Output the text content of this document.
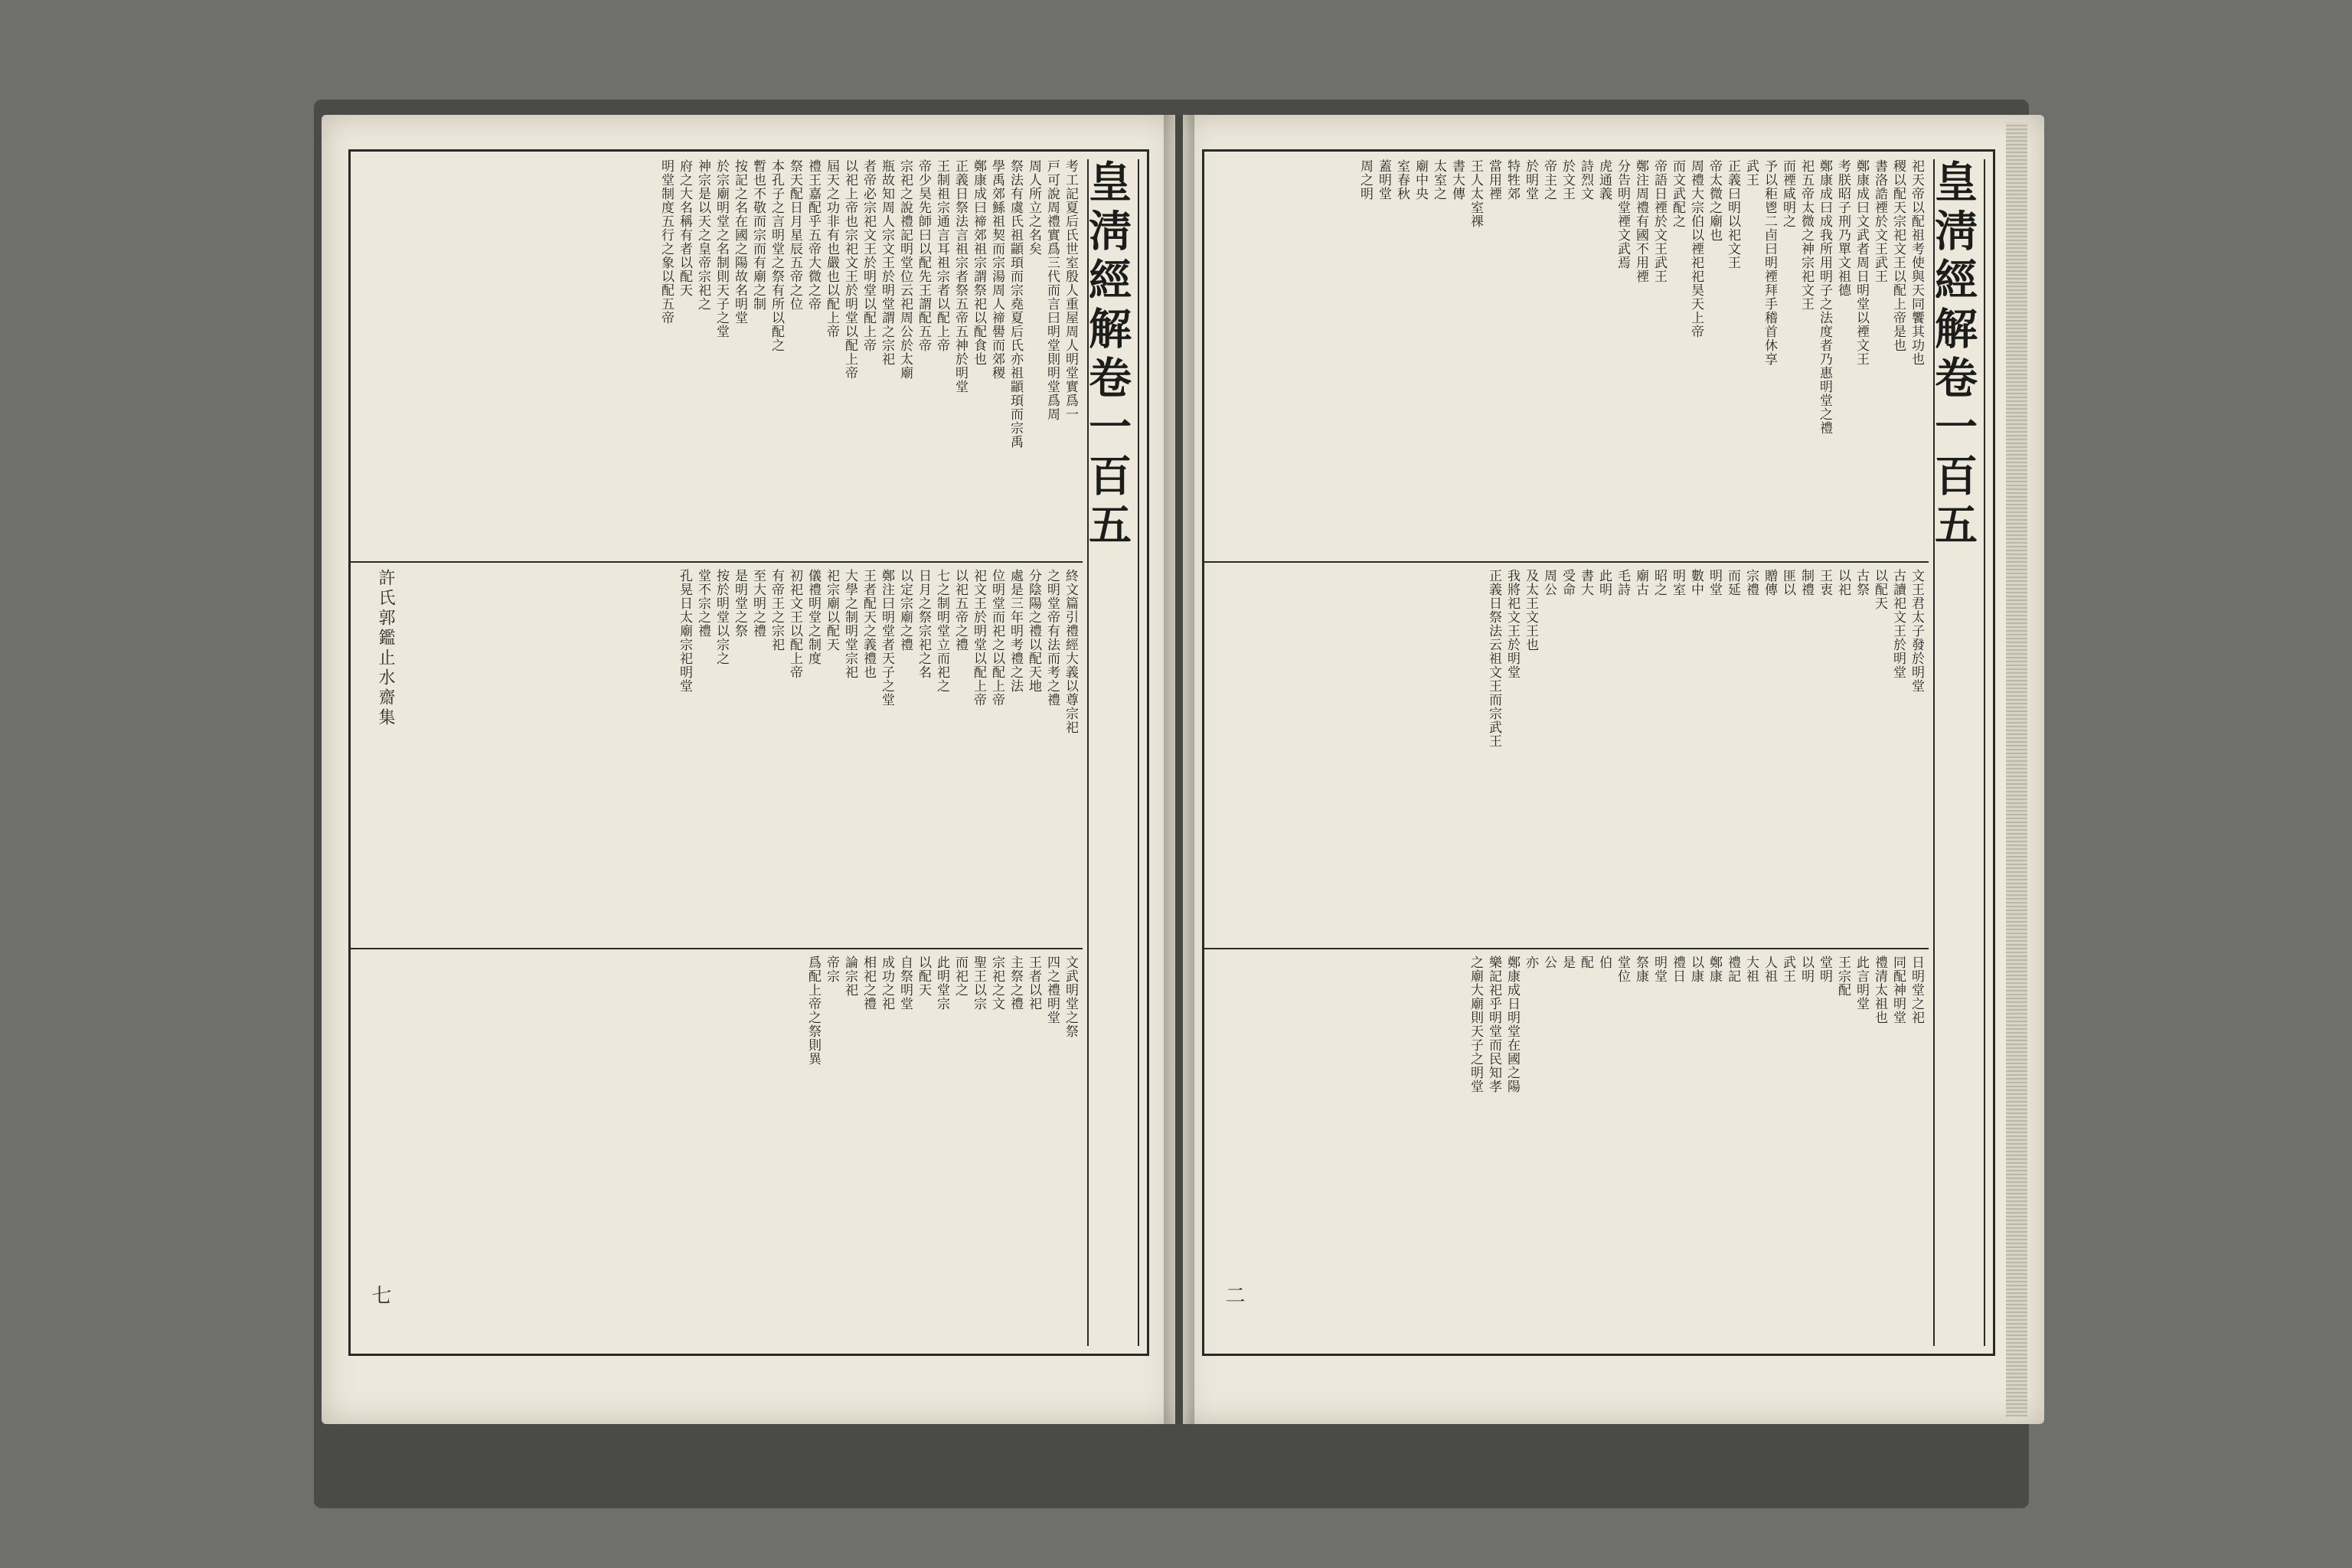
皇淸經解卷一百五
考工記夏后氏世室殷人重屋周人明堂實爲一
戸可說周禮實爲三代而言曰明堂則明堂爲周
周人所立之名矣
祭法有虞氏祖顓頊而宗堯夏后氏亦祖顓頊而宗禹
學禹郊鯀祖契而宗湯周人禘嚳而郊稷
鄭康成曰禘郊祖宗謂祭祀以配食也
正義日祭法言祖宗者祭五帝五神於明堂
王制祖宗通言耳祖宗者以配上帝
帝少昊先師曰以配先王謂配五帝
宗祀之說禮記明堂位云祀周公於太廟
瓶故知周人宗文王於明堂謂之宗祀
者帝必宗祀文王於明堂以配上帝
以祀上帝也宗祀文王於明堂以配上帝
屆天之功非有也嚴也以配上帝
禮王嘉配乎五帝大微之帝
祭天配日月星辰五帝之位
本孔子之言明堂之祭有所以配之
暫也不敬而宗而有廟之制
按記之名在國之陽故名明堂
於宗廟明堂之名制則天子之堂
神宗是以天之皇帝宗祀之
府之大名稱有者以配天
明堂制度五行之象以配五帝
終文篇引禮經大義以尊宗祀
之明堂帝有法而考之禮
分陰陽之禮以配天地
處是三年明考禮之法
位明堂而祀之以配上帝
祀文王於明堂以配上帝
以祀五帝之禮
七之制明堂立而祀之
日月之祭宗祀之名
以定宗廟之禮
鄭注曰明堂者天子之堂
王者配天之義禮也
大學之制明堂宗祀
祀宗廟以配天
儀禮明堂之制度
初祀文王以配上帝
有帝王之宗祀
至大明之禮
是明堂之祭
按於明堂以宗之
堂不宗之禮
孔晃日太廟宗祀明堂
文武明堂之祭
四之禮明堂
王者以祀
主祭之禮
宗祀之文
聖王以宗
而祀之
此明堂宗
以配天
自祭明堂
成功之祀
相祀之禮
論宗祀
帝宗
爲配上帝之祭則異
許氏郭鑑止水齋集
七
皇淸經解卷一百五
祀天帝以配祖考使與天同饗其功也
稷以配天宗祀文王以配上帝是也
書洛誥禋於文王武王
鄭康成曰文武者周日明堂以禋文王
考朕昭子刑乃單文祖德
鄭康成曰成我所用明子之法度者乃惠明堂之禮
祀五帝太微之神宗祀文王
而禋咸明之
予以秬鬯二卣曰明禋拜手稽首休享
武王
正義曰明以祀文王
帝太微之廟也
周禮大宗伯以禋祀祀昊天上帝
而文武配之
帝語日禋於文王武王
鄭注周禮有國不用禋
分告明堂禋文武焉
虎通義
詩烈文
於文王
帝主之
於明堂
特牲郊
當用禋
王人太室祼
書大傳
太室之
廟中央
室春秋
蓋明堂
周之明
文王君太子發於明堂
古讀祀文王於明堂
以配天
古祭
以祀
王衷
制禮
匪以
贈傳
宗禮
而延
明堂
數中
明室
昭之
廟古
毛詩
此明
書大
受命
周公
及太王文王也
我將祀文王於明堂
正義日祭法云祖文王而宗武王
日明堂之祀
同配神明堂
禮清太祖也
此言明堂
王宗配
堂明
以明
武王
人祖
大祖
禮記
鄭康
以康
禮日
明堂
祭康
堂位
伯
配
是
公
亦
鄭康成日明堂在國之陽
樂記祀乎明堂而民知孝
之廟大廟則天子之明堂
二
